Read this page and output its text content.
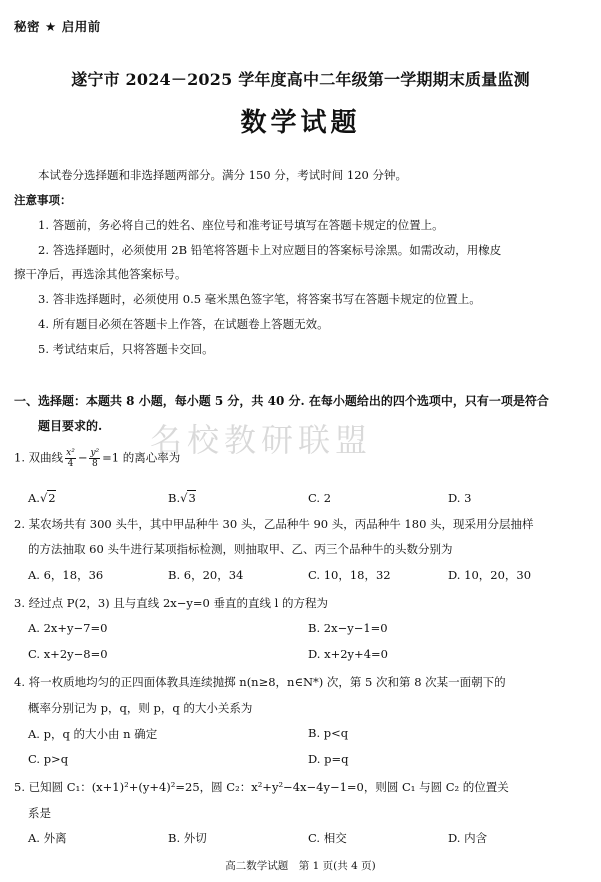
秘密 ★ 启用前
遂宁市 2024－2025 学年度高中二年级第一学期期末质量监测
数学试题
本试卷分选择题和非选择题两部分。满分 150 分，考试时间 120 分钟。
注意事项：
1. 答题前，务必将自己的姓名、座位号和准考证号填写在答题卡规定的位置上。
2. 答选择题时，必须使用 2B 铅笔将答题卡上对应题目的答案标号涂黑。如需改动，用橡皮
擦干净后，再选涂其他答案标号。
3. 答非选择题时，必须使用 0.5 毫米黑色签字笔，将答案书写在答题卡规定的位置上。
4. 所有题目必须在答题卡上作答，在试题卷上答题无效。
5. 考试结束后，只将答题卡交回。
一、选择题：本题共 8 小题，每小题 5 分，共 40 分. 在每小题给出的四个选项中，只有一项是符合
题目要求的. 名校教研联盟
1. 双曲线 $\frac{\text{x²}}{4} - \frac{\text{y²}}{8} =1$ 的离心率为
A.√2	B.√3	C. 2	D. 3
2. 某农场共有 300 头牛，其中甲品种牛 30 头，乙品种牛 90 头，丙品种牛 180 头，现采用分层抽样
的方法抽取 60 头牛进行某项指标检测，则抽取甲、乙、丙三个品种牛的头数分别为
A. 6，18，36	B. 6，20，34	C. 10，18，32	D. 10，20，30
3. 经过点 P(2，3) 且与直线 2x−y=0 垂直的直线 l 的方程为
A. 2x+y−7=0	B. 2x−y−1=0
C. x+2y−8=0	D. x+2y+4=0
4. 将一枚质地均匀的正四面体教具连续抛掷 n(n≥8，n∈N*) 次，第 5 次和第 8 次某一面朝下的
概率分别记为 p，q，则 p，q 的大小关系为
A. p，q 的大小由 n 确定	B. p<q
C. p>q	D. p=q
5. 已知圆 C₁：(x+1)²+(y+4)²=25，圆 C₂：x²+y²−4x−4y−1=0，则圆 C₁ 与圆 C₂ 的位置关
系是
A. 外离	B. 外切	C. 相交	D. 内含
高二数学试题　第 1 页(共 4 页)
